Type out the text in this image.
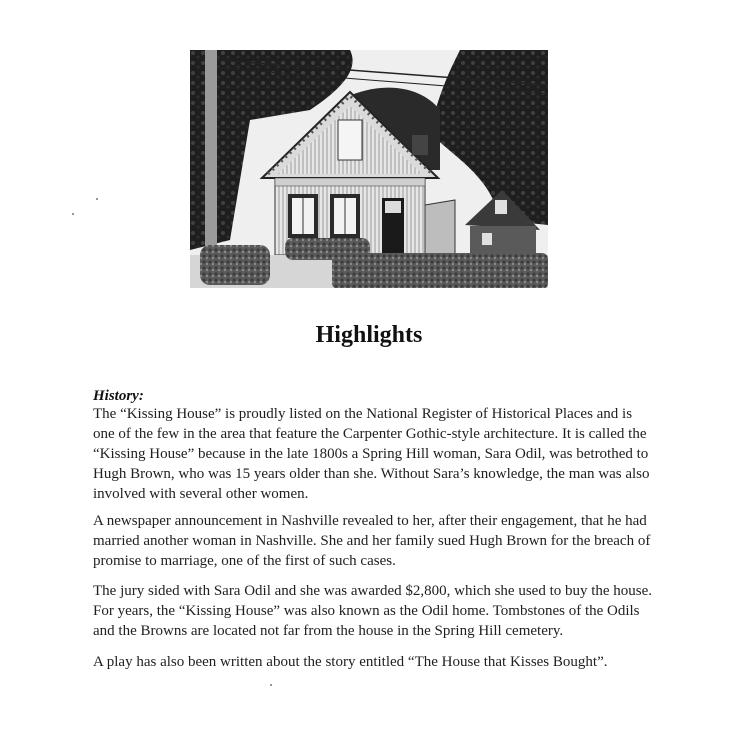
Highlights
History:

The “Kissing House” is proudly listed on the National Register of Historical Places and is one of the few in the area that feature the Carpenter Gothic-style architecture. It is called the “Kissing House” because in the late 1800s a Spring Hill woman, Sara Odil, was betrothed to Hugh Brown, who was 15 years older than she. Without Sara’s knowledge, the man was also involved with several other women.

A newspaper announcement in Nashville revealed to her, after their engagement, that he had married another woman in Nashville. She and her family sued Hugh Brown for the breach of promise to marriage, one of the first of such cases.

The jury sided with Sara Odil and she was awarded $2,800, which she used to buy the house. For years, the “Kissing House” was also known as the Odil home. Tombstones of the Odils and the Browns are located not far from the house in the Spring Hill cemetery.

A play has also been written about the story entitled “The House that Kisses Bought”.
